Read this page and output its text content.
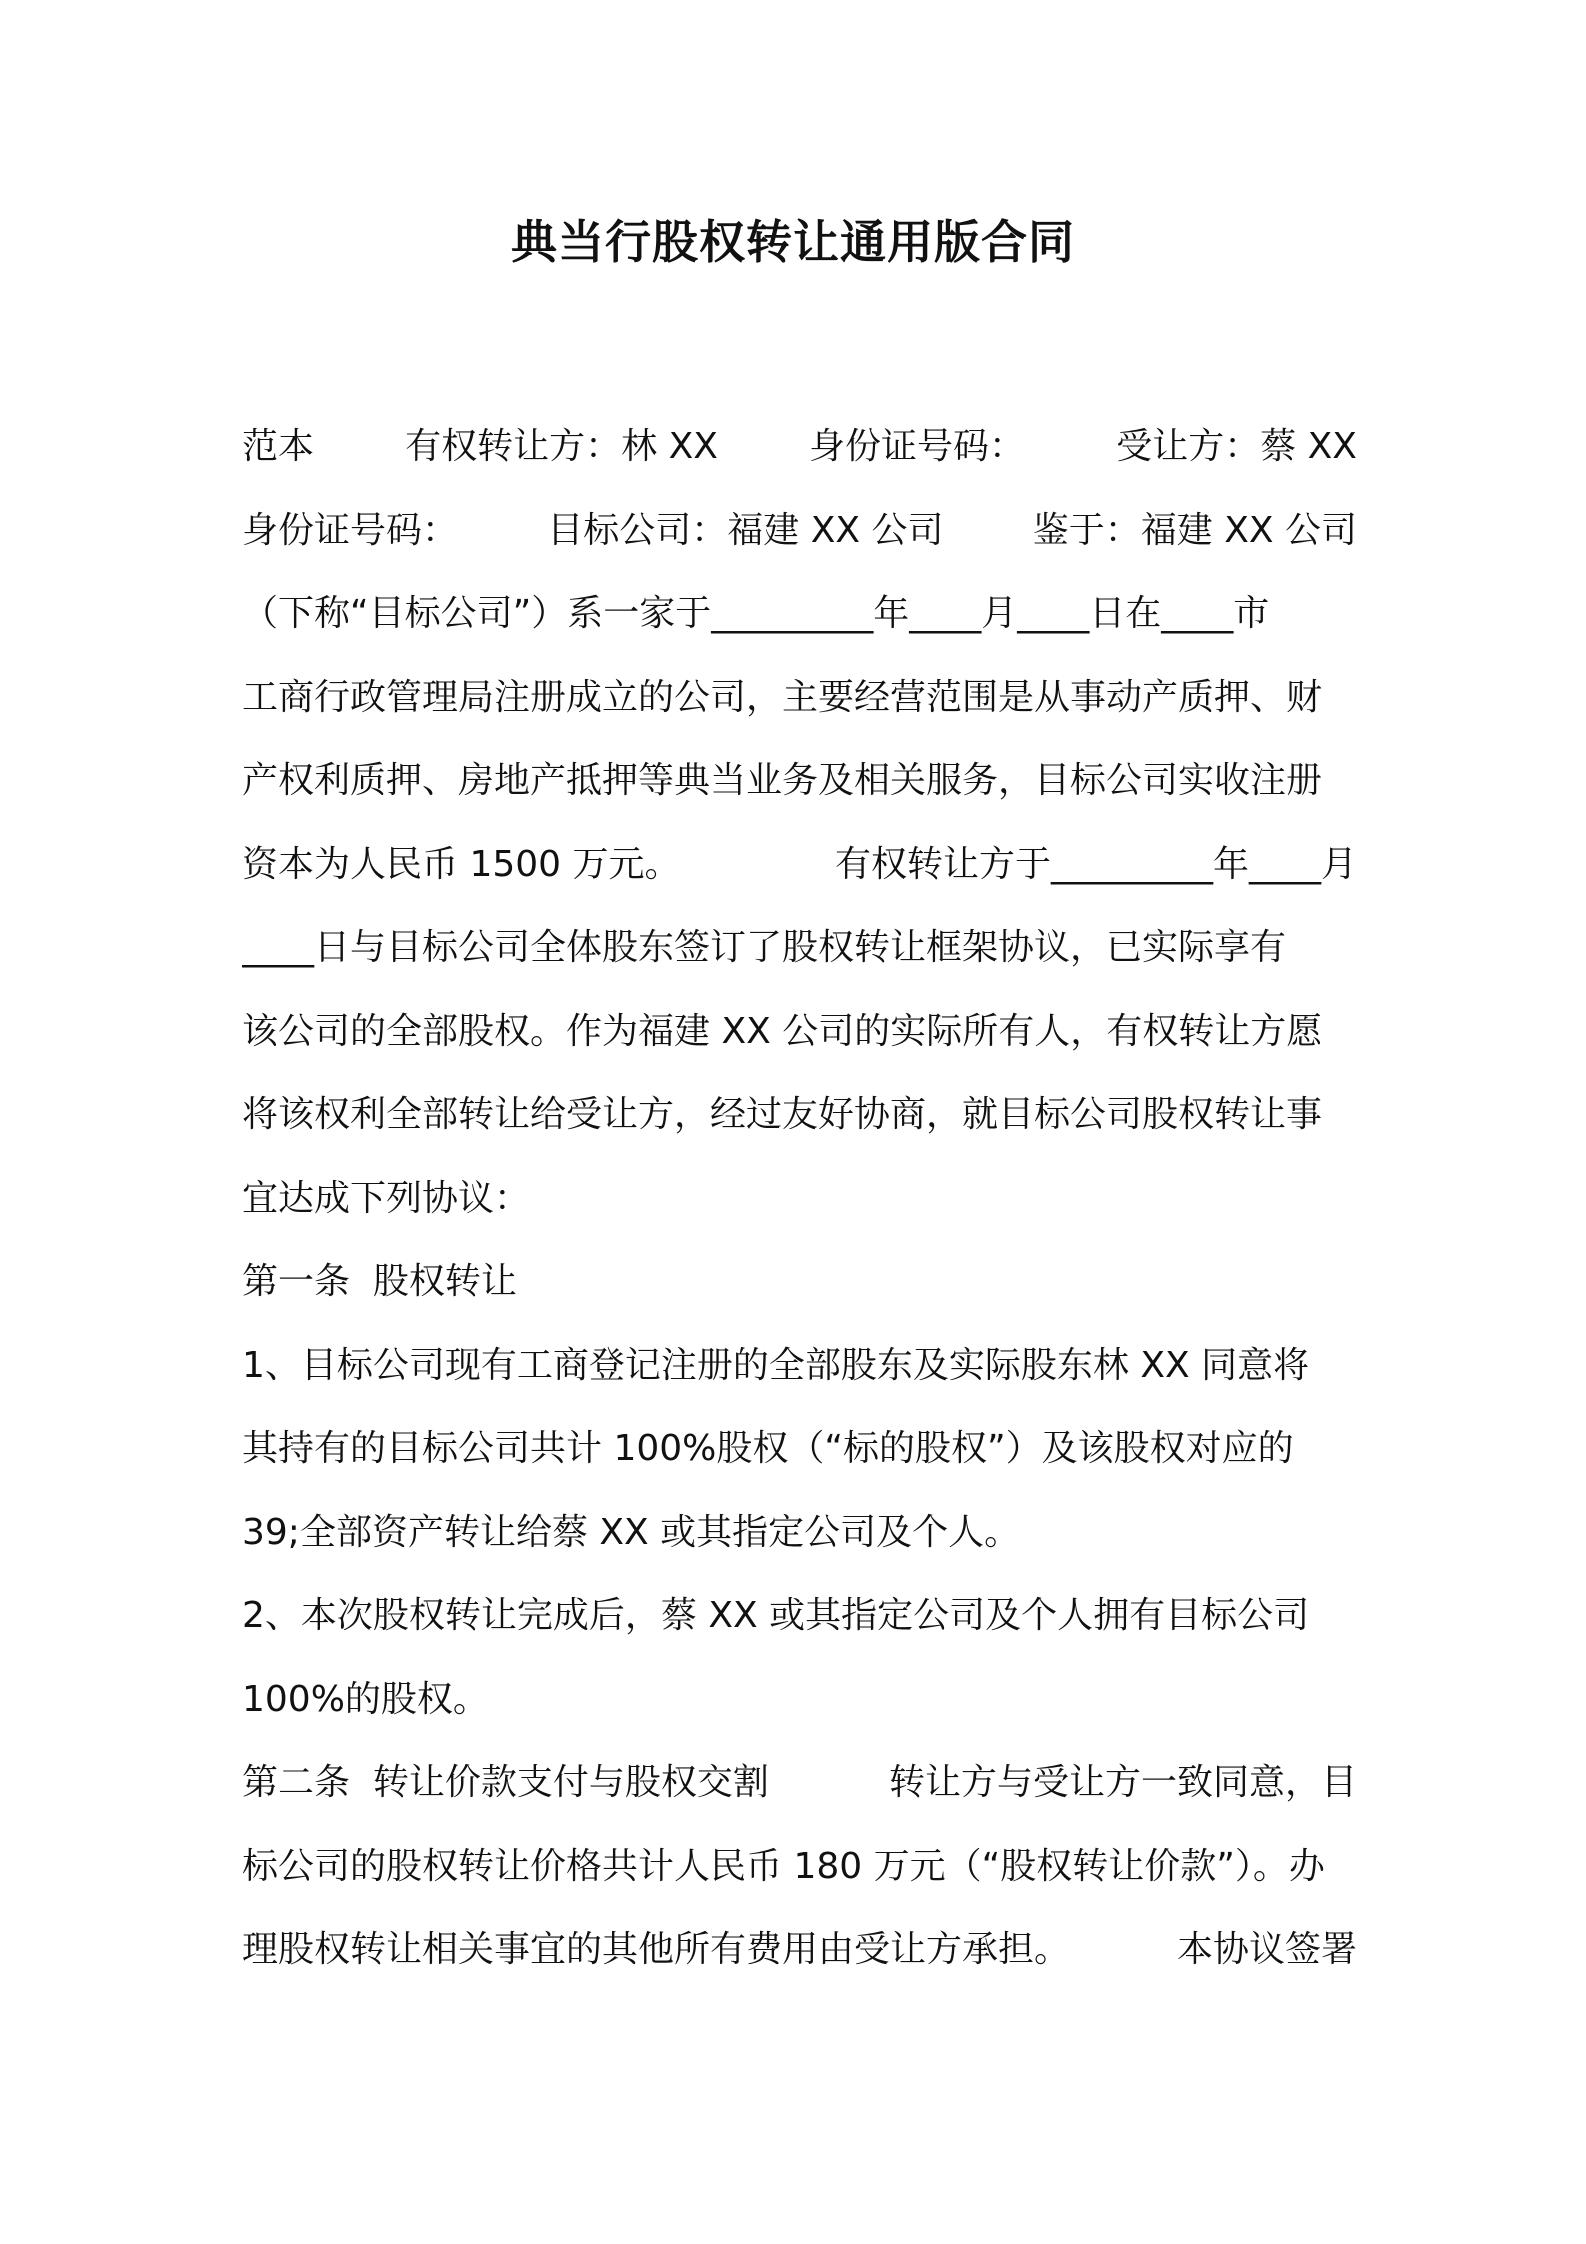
典当行股权转让通用版合同
范本	有权转让方：林 XX	身份证号码：	受让方：蔡 XX
身份证号码： 目标公司：福建 XX 公司 鉴于：福建 XX 公司
（下称“目标公司”）系一家于_________年____月____日在____市
工商行政管理局注册成立的公司，主要经营范围是从事动产质押、财
产权利质押、房地产抵押等典当业务及相关服务，目标公司实收注册
资本为人民币 1500 万元。	有权转让方于_________年____月
____日与目标公司全体股东签订了股权转让框架协议，已实际享有
该公司的全部股权。作为福建 XX 公司的实际所有人，有权转让方愿
将该权利全部转让给受让方，经过友好协商，就目标公司股权转让事
宜达成下列协议：
第一条  股权转让
1、目标公司现有工商登记注册的全部股东及实际股东林 XX 同意将
其持有的目标公司共计 100%股权（“标的股权”）及该股权对应的
39;全部资产转让给蔡 XX 或其指定公司及个人。
2、本次股权转让完成后，蔡 XX 或其指定公司及个人拥有目标公司
100%的股权。
第二条  转让价款支付与股权交割	转让方与受让方一致同意，目
标公司的股权转让价格共计人民币 180 万元（“股权转让价款”）。办
理股权转让相关事宜的其他所有费用由受让方承担。	本协议签署
